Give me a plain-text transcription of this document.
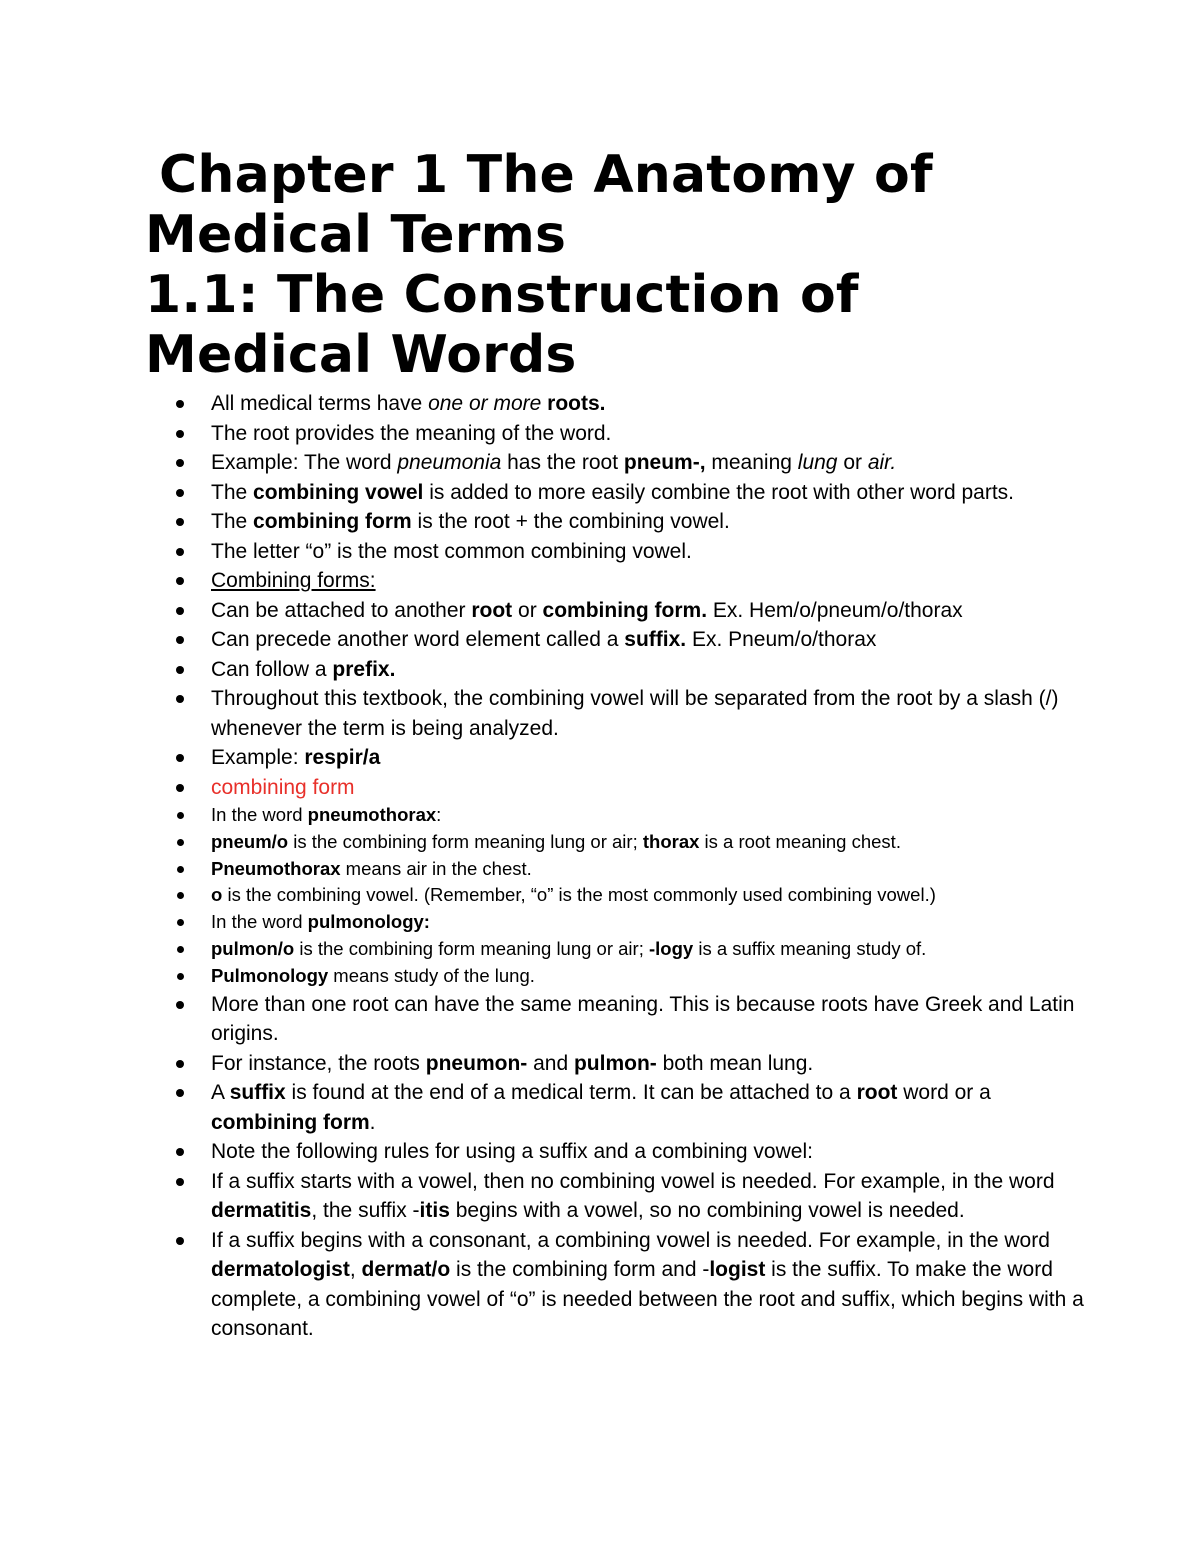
Chapter 1 The Anatomy of
Medical Terms
1.1: The Construction of
Medical Words
All medical terms have one or more roots.
The root provides the meaning of the word.
Example: The word pneumonia has the root pneum-, meaning lung or air.
The combining vowel is added to more easily combine the root with other word parts.
The combining form is the root + the combining vowel.
The letter “o” is the most common combining vowel.
Combining forms:
Can be attached to another root or combining form. Ex. Hem/o/pneum/o/thorax
Can precede another word element called a suffix. Ex. Pneum/o/thorax
Can follow a prefix.
Throughout this textbook, the combining vowel will be separated from the root by a slash (/) whenever the term is being analyzed.
Example: respir/a
combining form
In the word pneumothorax:
pneum/o is the combining form meaning lung or air; thorax is a root meaning chest.
Pneumothorax means air in the chest.
o is the combining vowel. (Remember, “o” is the most commonly used combining vowel.)
In the word pulmonology:
pulmon/o is the combining form meaning lung or air; -logy is a suffix meaning study of.
Pulmonology means study of the lung.
More than one root can have the same meaning. This is because roots have Greek and Latin origins.
For instance, the roots pneumon- and pulmon- both mean lung.
A suffix is found at the end of a medical term. It can be attached to a root word or a combining form.
Note the following rules for using a suffix and a combining vowel:
If a suffix starts with a vowel, then no combining vowel is needed. For example, in the word dermatitis, the suffix -itis begins with a vowel, so no combining vowel is needed.
If a suffix begins with a consonant, a combining vowel is needed. For example, in the word dermatologist, dermat/o is the combining form and -logist is the suffix. To make the word complete, a combining vowel of “o” is needed between the root and suffix, which begins with a consonant.
